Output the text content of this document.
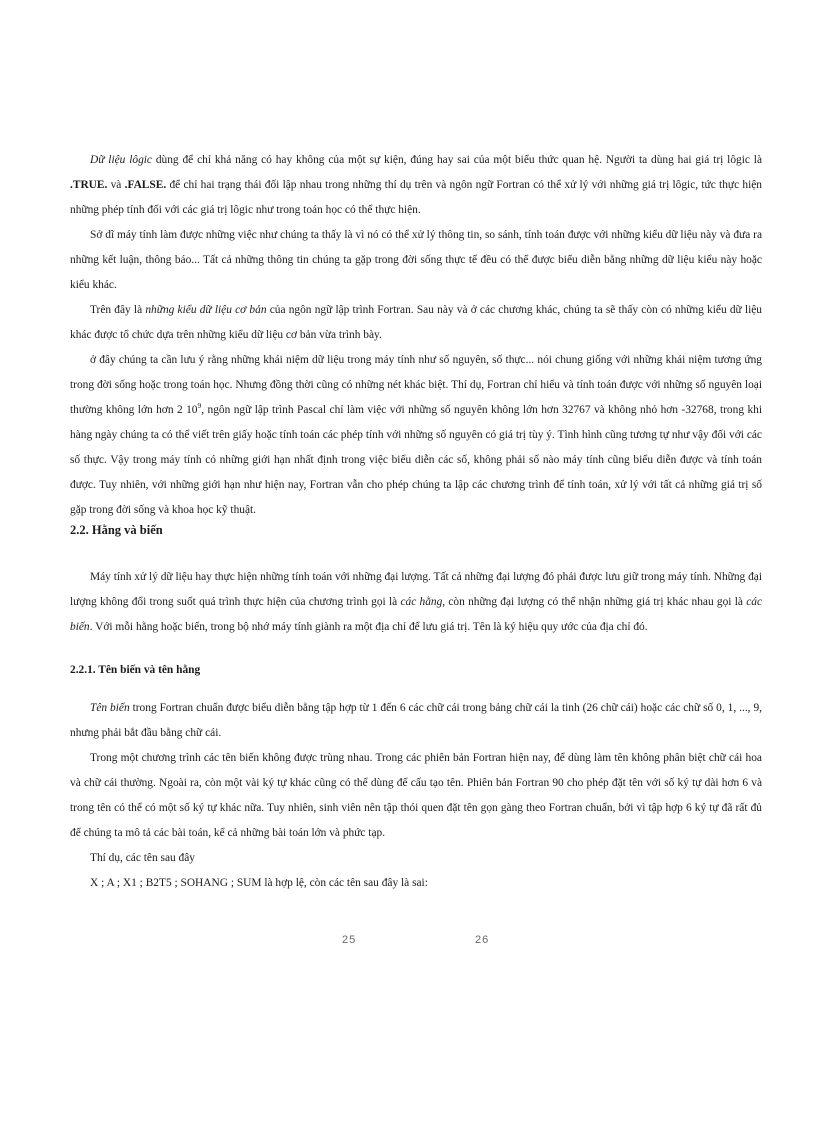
Dữ liệu lôgic dùng để chỉ khả năng có hay không của một sự kiện, đúng hay sai của một biểu thức quan hệ. Người ta dùng hai giá trị lôgic là .TRUE. và .FALSE. để chỉ hai trạng thái đối lập nhau trong những thí dụ trên và ngôn ngữ Fortran có thể xử lý với những giá trị lôgic, tức thực hiện những phép tính đối với các giá trị lôgic như trong toán học có thể thực hiện.

Sở dĩ máy tính làm được những việc như chúng ta thấy là vì nó có thể xử lý thông tin, so sánh, tính toán được với những kiểu dữ liệu này và đưa ra những kết luận, thông báo... Tất cả những thông tin chúng ta gặp trong đời sống thực tế đều có thể được biểu diễn bằng những dữ liệu kiểu này hoặc kiểu khác.

Trên đây là những kiểu dữ liệu cơ bản của ngôn ngữ lập trình Fortran. Sau này và ở các chương khác, chúng ta sẽ thấy còn có những kiểu dữ liệu khác được tổ chức dựa trên những kiểu dữ liệu cơ bản vừa trình bày.

ở đây chúng ta cần lưu ý rằng những khái niệm dữ liệu trong máy tính như số nguyên, số thực... nói chung giống với những khái niệm tương ứng trong đời sống hoặc trong toán học. Nhưng đồng thời cũng có những nét khác biệt. Thí dụ, Fortran chỉ hiểu và tính toán được với những số nguyên loại thường không lớn hơn 2 $10^9$, ngôn ngữ lập trình Pascal chỉ làm việc với những số nguyên không lớn hơn 32767 và không nhỏ hơn -32768, trong khi hàng ngày chúng ta có thể viết trên giấy hoặc tính toán các phép tính với những số nguyên có giá trị tùy ý. Tình hình cũng tương tự như vậy đối với các số thực. Vậy trong máy tính có những giới hạn nhất định trong việc biểu diễn các số, không phải số nào máy tính cũng biểu diễn được và tính toán được. Tuy nhiên, với những giới hạn như hiện nay, Fortran vẫn cho phép chúng ta lập các chương trình để tính toán, xử lý với tất cả những giá trị số gặp trong đời sống và khoa học kỹ thuật.

2.2. Hằng và biến

Máy tính xử lý dữ liệu hay thực hiện những tính toán với những đại lượng. Tất cả những đại lượng đó phải được lưu giữ trong máy tính. Những đại lượng không đổi trong suốt quá trình thực hiện của chương trình gọi là các hằng, còn những đại lượng có thể nhận những giá trị khác nhau gọi là các biến. Với mỗi hằng hoặc biến, trong bộ nhớ máy tính giành ra một địa chỉ để lưu giá trị. Tên là ký hiệu quy ước của địa chỉ đó.

2.2.1. Tên biến và tên hằng

Tên biến trong Fortran chuẩn được biểu diễn bằng tập hợp từ 1 đến 6 các chữ cái trong bảng chữ cái la tinh (26 chữ cái) hoặc các chữ số 0, 1, ..., 9, nhưng phải bắt đầu bằng chữ cái.

Trong một chương trình các tên biến không được trùng nhau. Trong các phiên bản Fortran hiện nay, để dùng làm tên không phân biệt chữ cái hoa và chữ cái thường. Ngoài ra, còn một vài ký tự khác cũng có thể dùng để cấu tạo tên. Phiên bản Fortran 90 cho phép đặt tên với số ký tự dài hơn 6 và trong tên có thể có một số ký tự khác nữa. Tuy nhiên, sinh viên nên tập thói quen đặt tên gọn gàng theo Fortran chuẩn, bởi vì tập hợp 6 ký tự đã rất đủ để chúng ta mô tả các bài toán, kể cả những bài toán lớn và phức tạp.

Thí dụ, các tên sau đây

X ; A ; X1 ; B2T5 ; SOHANG ; SUM là hợp lệ, còn các tên sau đây là sai:

25	26
